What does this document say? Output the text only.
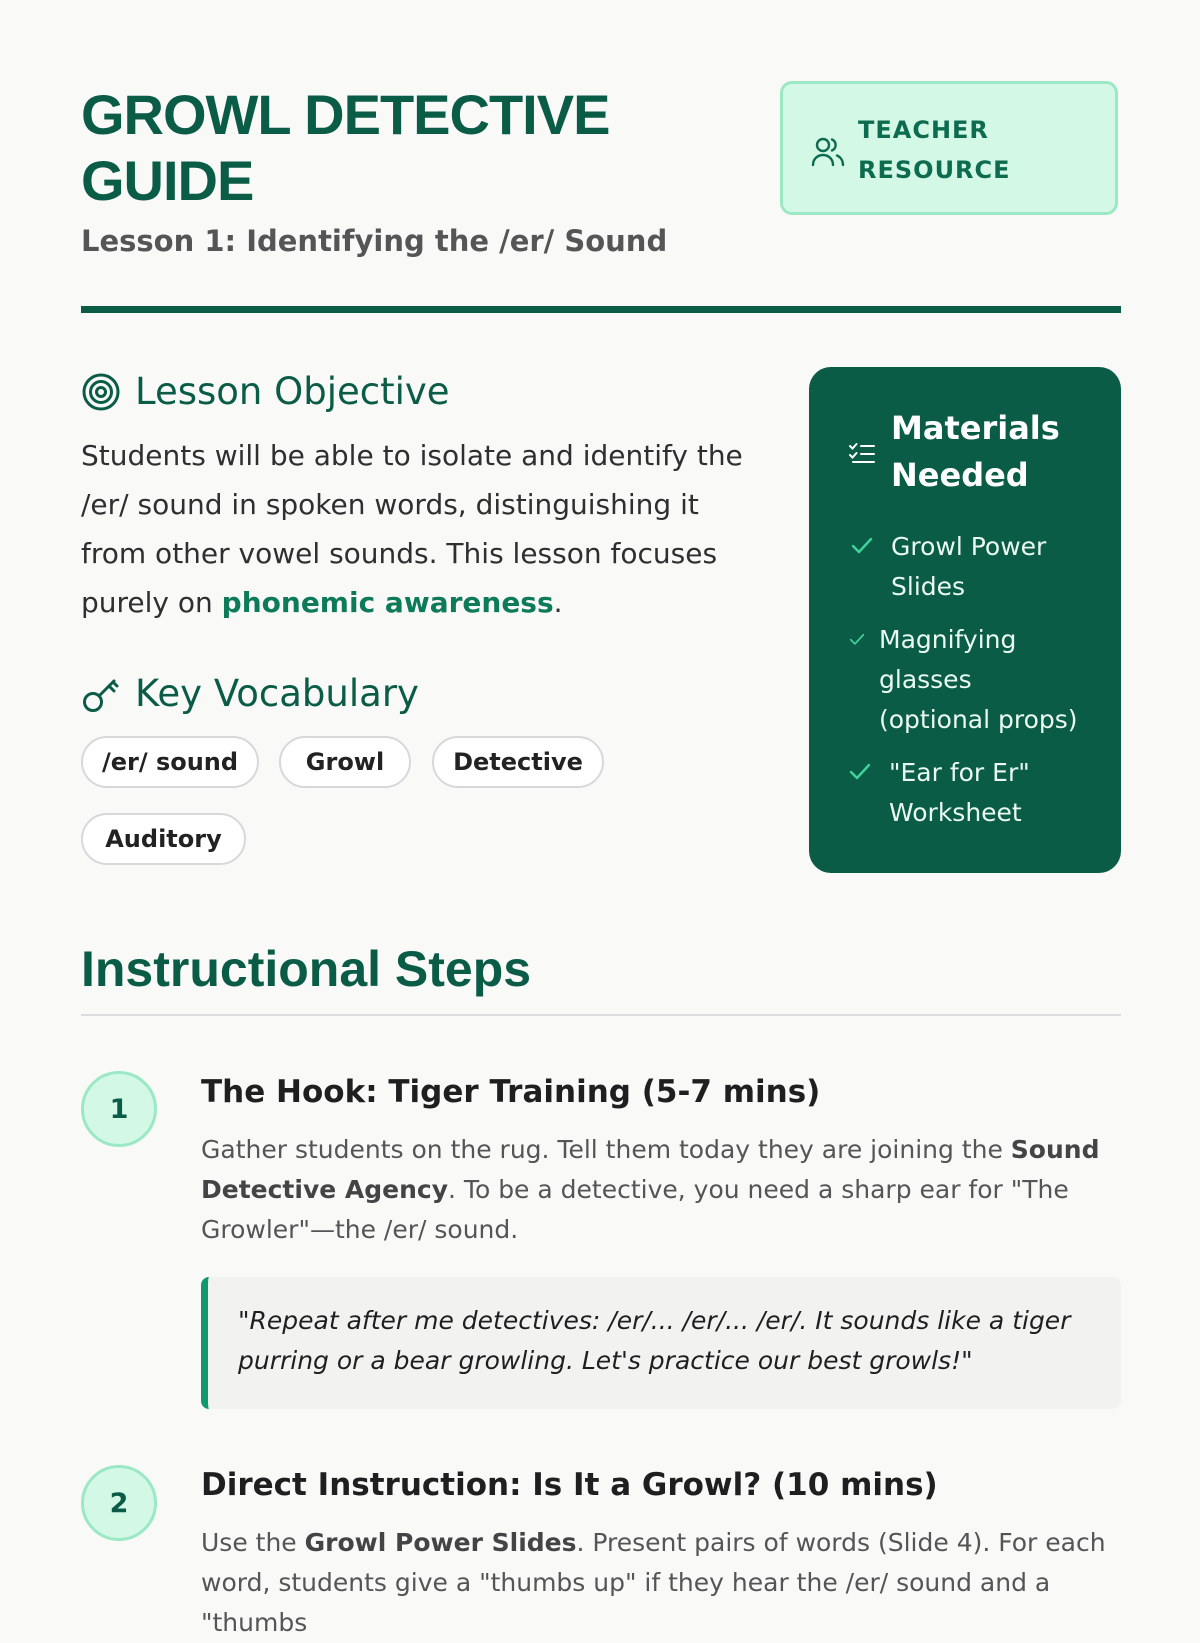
GROWL DETECTIVE GUIDE

Lesson 1: Identifying the /er/ Sound

TEACHER
RESOURCE
Lesson Objective

Students will be able to isolate and identify the /er/ sound in spoken words, distinguishing it from other vowel sounds. This lesson focuses purely on phonemic awareness.

Key Vocabulary
/er/ sound	Growl	Detective
Auditory
Materials
Needed
Growl Power
Slides
Magnifying
glasses
(optional props)
"Ear for Er"
Worksheet
Instructional Steps
1	The Hook: Tiger Training (5-7 mins)

Gather students on the rug. Tell them today they are joining the Sound Detective Agency. To be a detective, you need a sharp ear for "The Growler"—the /er/ sound.

"Repeat after me detectives: /er/... /er/... /er/. It sounds like a tiger purring or a bear growling. Let's practice our best growls!"
2	Direct Instruction: Is It a Growl? (10 mins)

Use the Growl Power Slides. Present pairs of words (Slide 4). For each word, students give a "thumbs up" if they hear the /er/ sound and a "thumbs
